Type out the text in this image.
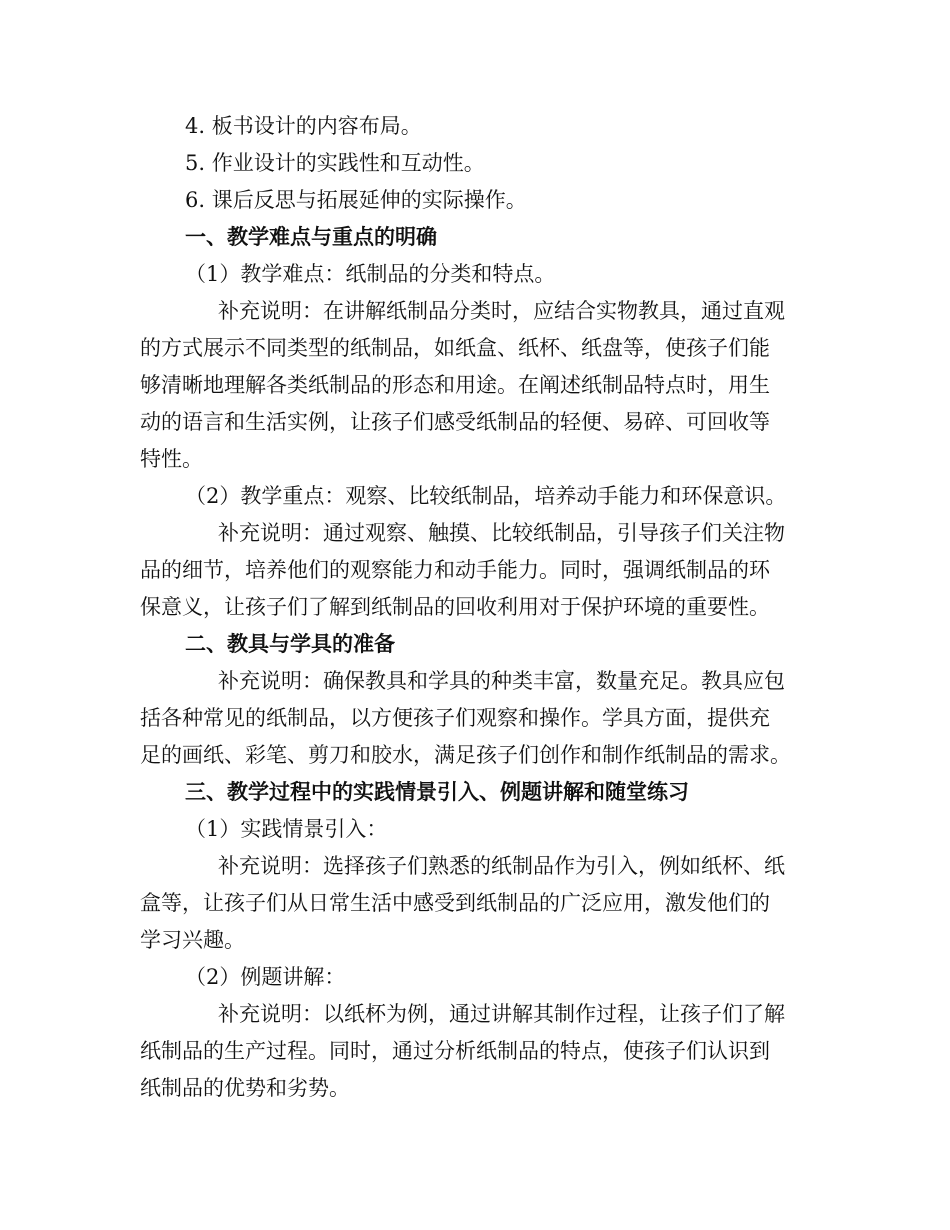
4. 板书设计的内容布局。
5. 作业设计的实践性和互动性。
6. 课后反思与拓展延伸的实际操作。
一、教学难点与重点的明确
（1）教学难点：纸制品的分类和特点。
补充说明：在讲解纸制品分类时，应结合实物教具，通过直观
的方式展示不同类型的纸制品，如纸盒、纸杯、纸盘等，使孩子们能
够清晰地理解各类纸制品的形态和用途。在阐述纸制品特点时，用生
动的语言和生活实例，让孩子们感受纸制品的轻便、易碎、可回收等
特性。
（2）教学重点：观察、比较纸制品，培养动手能力和环保意识。
补充说明：通过观察、触摸、比较纸制品，引导孩子们关注物
品的细节，培养他们的观察能力和动手能力。同时，强调纸制品的环
保意义，让孩子们了解到纸制品的回收利用对于保护环境的重要性。
二、教具与学具的准备
补充说明：确保教具和学具的种类丰富，数量充足。教具应包
括各种常见的纸制品，以方便孩子们观察和操作。学具方面，提供充
足的画纸、彩笔、剪刀和胶水，满足孩子们创作和制作纸制品的需求。
三、教学过程中的实践情景引入、例题讲解和随堂练习
（1）实践情景引入：
补充说明：选择孩子们熟悉的纸制品作为引入，例如纸杯、纸
盒等，让孩子们从日常生活中感受到纸制品的广泛应用，激发他们的
学习兴趣。
（2）例题讲解：
补充说明：以纸杯为例，通过讲解其制作过程，让孩子们了解
纸制品的生产过程。同时，通过分析纸制品的特点，使孩子们认识到
纸制品的优势和劣势。
